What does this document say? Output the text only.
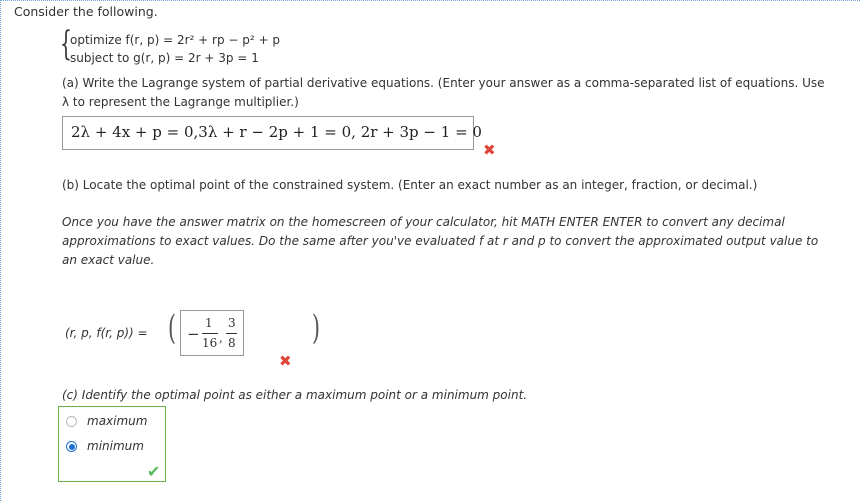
Consider the following.
{
optimize f(r, p) = 2r² + rp − p² + p
subject to g(r, p) = 2r + 3p = 1
(a) Write the Lagrange system of partial derivative equations. (Enter your answer as a comma-separated list of equations. Use
λ to represent the Lagrange multiplier.)
2λ + 4x + p = 0,3λ + r − 2p + 1 = 0, 2r + 3p − 1 = 0
✖
(b) Locate the optimal point of the constrained system. (Enter an exact number as an integer, fraction, or decimal.)
Once you have the answer matrix on the homescreen of your calculator, hit MATH ENTER ENTER to convert any decimal
approximations to exact values. Do the same after you've evaluated f at r and p to convert the approximated output value to
an exact value.
(r, p, f(r, p)) = ( −
1
16 ,
3
8 )
✖
(c) Identify the optimal point as either a maximum point or a minimum point.
maximum
minimum
✔
